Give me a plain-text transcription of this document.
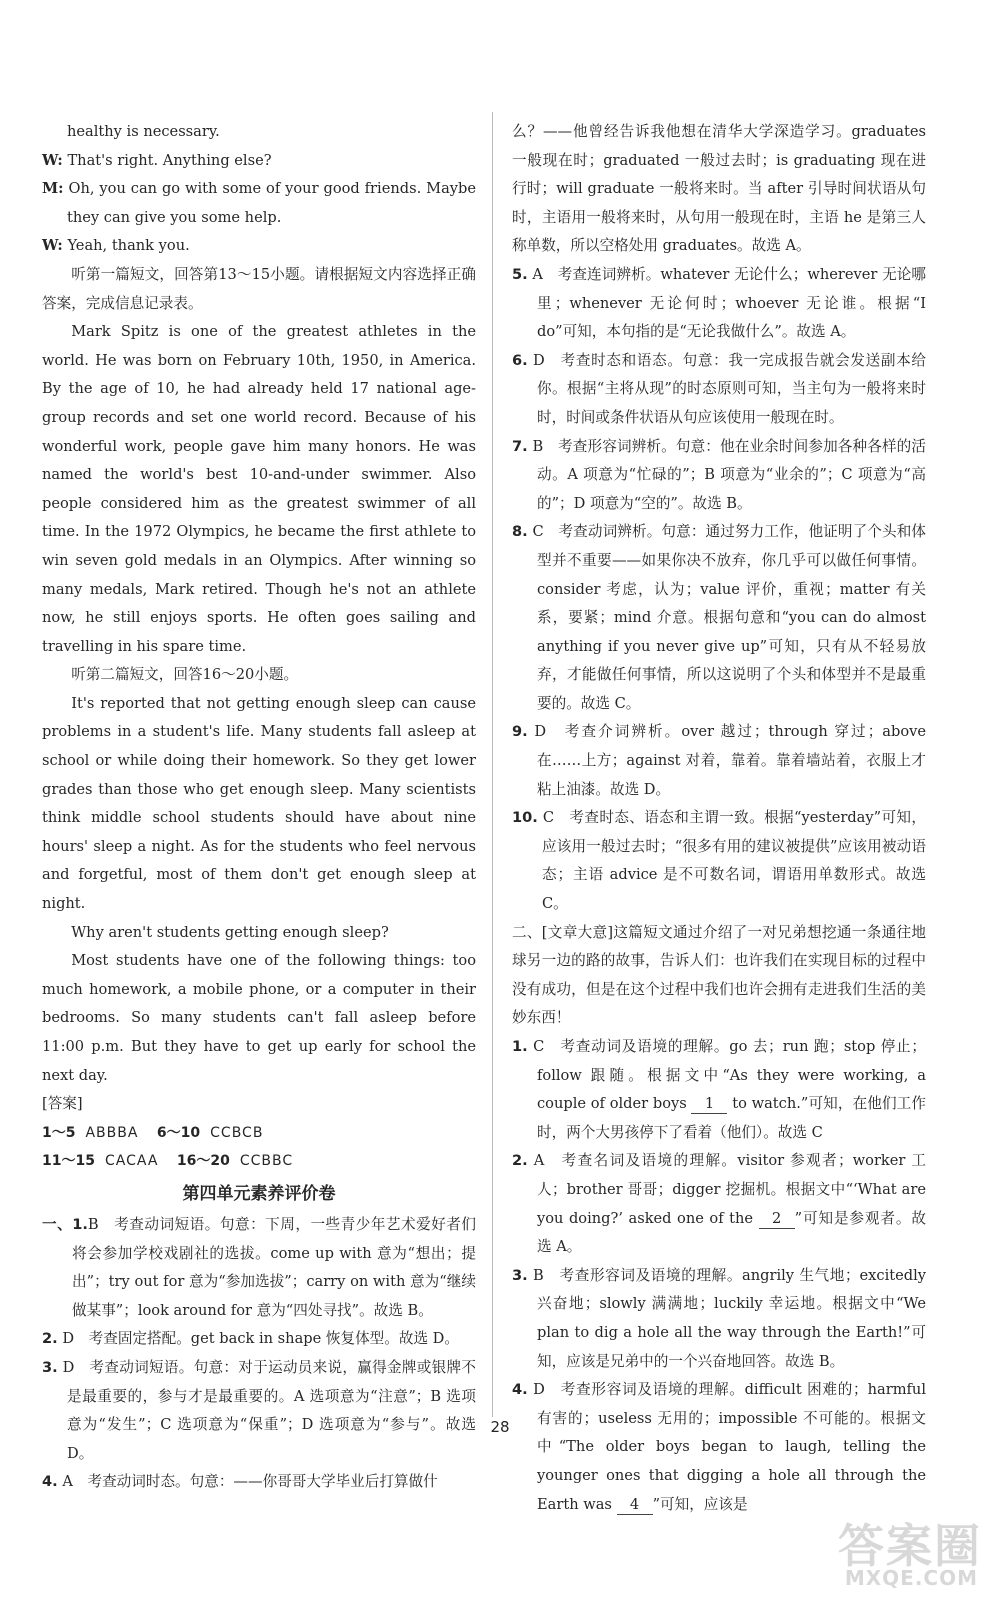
healthy is necessary.

W: That's right. Anything else?

M: Oh, you can go with some of your good friends. Maybe they can give you some help.

W: Yeah, thank you.

听第一篇短文，回答第13～15小题。请根据短文内容选择正确答案，完成信息记录表。

Mark Spitz is one of the greatest athletes in the world. He was born on February 10th, 1950, in America. By the age of 10, he had already held 17 national age-group records and set one world record. Because of his wonderful work, people gave him many honors. He was named the world's best 10-and-under swimmer. Also people considered him as the greatest swimmer of all time. In the 1972 Olympics, he became the first athlete to win seven gold medals in an Olympics. After winning so many medals, Mark retired. Though he's not an athlete now, he still enjoys sports. He often goes sailing and travelling in his spare time.

听第二篇短文，回答16～20小题。

It's reported that not getting enough sleep can cause problems in a student's life. Many students fall asleep at school or while doing their homework. So they get lower grades than those who get enough sleep. Many scientists think middle school students should have about nine hours' sleep a night. As for the students who feel nervous and forgetful, most of them don't get enough sleep at night.

Why aren't students getting enough sleep?

Most students have one of the following things: too much homework, a mobile phone, or a computer in their bedrooms. So many students can't fall asleep before 11:00 p.m. But they have to get up early for school the next day.

[答案]

1～5 ABBBA 6～10 CCBCB

11～15 CACAA 16～20 CCBBC

第四单元素养评价卷

一、1.B　考查动词短语。句意：下周，一些青少年艺术爱好者们将会参加学校戏剧社的选拔。come up with 意为“想出；提出”；try out for 意为“参加选拔”；carry on with 意为“继续做某事”；look around for 意为“四处寻找”。故选 B。

2. D　考查固定搭配。get back in shape 恢复体型。故选 D。

3. D　考查动词短语。句意：对于运动员来说，赢得金牌或银牌不是最重要的，参与才是最重要的。A 选项意为“注意”；B 选项意为“发生”；C 选项意为“保重”；D 选项意为“参与”。故选 D。

4. A　考查动词时态。句意：——你哥哥大学毕业后打算做什

么？——他曾经告诉我他想在清华大学深造学习。graduates 一般现在时；graduated 一般过去时；is graduating 现在进行时；will graduate 一般将来时。当 after 引导时间状语从句时，主语用一般将来时，从句用一般现在时，主语 he 是第三人称单数，所以空格处用 graduates。故选 A。

5. A　考查连词辨析。whatever 无论什么；wherever 无论哪里；whenever 无论何时；whoever 无论谁。根据“I do”可知，本句指的是“无论我做什么”。故选 A。

6. D　考查时态和语态。句意：我一完成报告就会发送副本给你。根据“主将从现”的时态原则可知，当主句为一般将来时时，时间或条件状语从句应该使用一般现在时。

7. B　考查形容词辨析。句意：他在业余时间参加各种各样的活动。A 项意为“忙碌的”；B 项意为“业余的”；C 项意为“高的”；D 项意为“空的”。故选 B。

8. C　考查动词辨析。句意：通过努力工作，他证明了个头和体型并不重要——如果你决不放弃，你几乎可以做任何事情。consider 考虑，认为；value 评价，重视；matter 有关系，要紧；mind 介意。根据句意和“you can do almost anything if you never give up”可知，只有从不轻易放弃，才能做任何事情，所以这说明了个头和体型并不是最重要的。故选 C。

9. D　考查介词辨析。over 越过；through 穿过；above 在……上方；against 对着，靠着。靠着墙站着，衣服上才粘上油漆。故选 D。

10. C　考查时态、语态和主谓一致。根据“yesterday”可知，应该用一般过去时；“很多有用的建议被提供”应该用被动语态；主语 advice 是不可数名词，谓语用单数形式。故选 C。

二、[文章大意]这篇短文通过介绍了一对兄弟想挖通一条通往地球另一边的路的故事，告诉人们：也许我们在实现目标的过程中没有成功，但是在这个过程中我们也许会拥有走进我们生活的美妙东西！

1. C　考查动词及语境的理解。go 去；run 跑；stop 停止；follow 跟随。根据文中“As they were working, a couple of older boys 1 to watch.”可知，在他们工作时，两个大男孩停下了看着（他们）。故选 C

2. A　考查名词及语境的理解。visitor 参观者；worker 工人；brother 哥哥；digger 挖掘机。根据文中“‘What are you doing?’ asked one of the 2 ”可知是参观者。故选 A。

3. B　考查形容词及语境的理解。angrily 生气地；excitedly 兴奋地；slowly 满满地；luckily 幸运地。根据文中“We plan to dig a hole all the way through the Earth!”可知，应该是兄弟中的一个兴奋地回答。故选 B。

4. D　考查形容词及语境的理解。difficult 困难的；harmful 有害的；useless 无用的；impossible 不可能的。根据文中“The older boys began to laugh, telling the younger ones that digging a hole all through the Earth was 4 ”可知，应该是

28
答案圈
MXQE.COM
